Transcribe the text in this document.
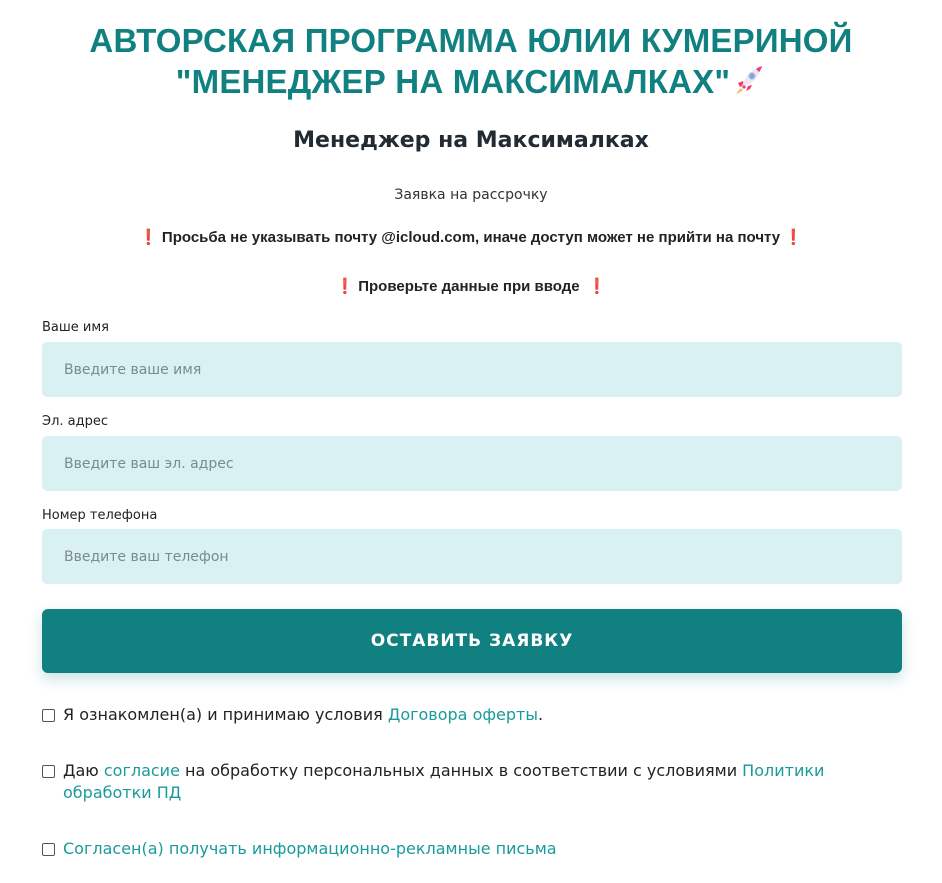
АВТОРСКАЯ ПРОГРАММА ЮЛИИ КУМЕРИНОЙ
"МЕНЕДЖЕР НА МАКСИМАЛКАХ"
Менеджер на Максималках
Заявка на рассрочку
❗ Просьба не указывать почту @icloud.com, иначе доступ может не прийти на почту ❗
❗ Проверьте данные при вводе ❗
Ваше имя
Введите ваше имя
Эл. адрес
Введите ваш эл. адрес
Номер телефона
Введите ваш телефон
ОСТАВИТЬ ЗАЯВКУ
Я ознакомлен(а) и принимаю условия Договора оферты.
Даю согласие на обработку персональных данных в соответствии с условиями Политики обработки ПД
Согласен(а) получать информационно-рекламные письма
